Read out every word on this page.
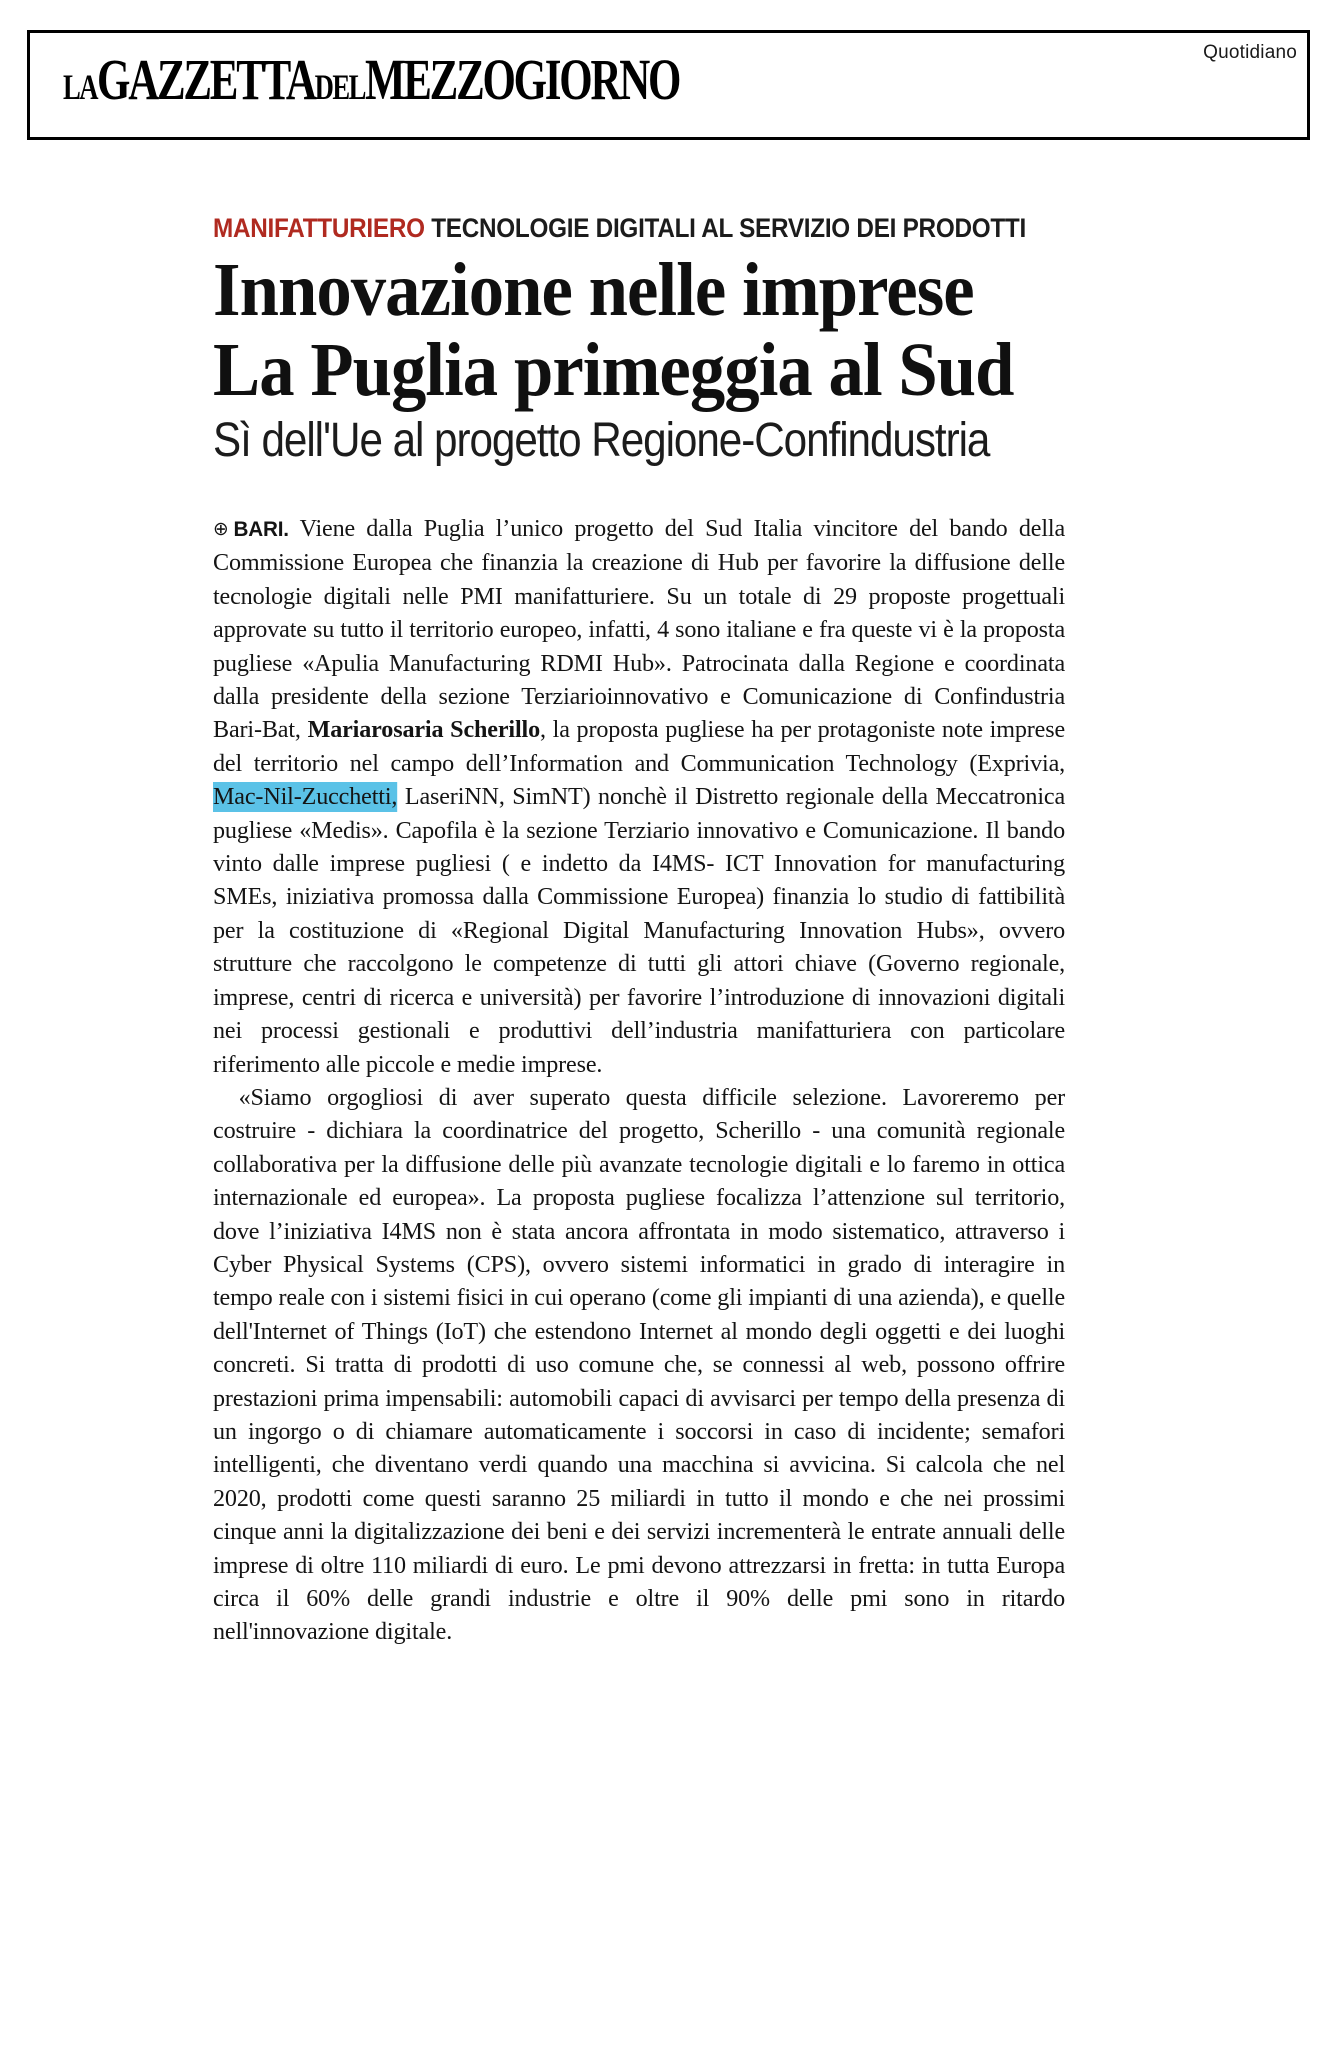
Quotidiano
LAGAZZETTADELMEZZOGIORNO
MANIFATTURIERO TECNOLOGIE DIGITALI AL SERVIZIO DEI PRODOTTI
Innovazione nelle imprese
La Puglia primeggia al Sud
Sì dell'Ue al progetto Regione-Confindustria

⊕ BARI. Viene dalla Puglia l’unico progetto del Sud Italia vincitore del bando della Commissione Europea che finanzia la creazione di Hub per favorire la diffusione delle tecnologie digitali nelle PMI manifatturiere. Su un totale di 29 proposte progettuali approvate su tutto il territorio europeo, infatti, 4 sono italiane e fra queste vi è la proposta pugliese «Apulia Manufacturing RDMI Hub». Patrocinata dalla Regione e coordinata dalla presidente della sezione Terziarioinnovativo e Comunicazione di Confindustria Bari-Bat, Mariarosaria Scherillo, la proposta pugliese ha per protagoniste note imprese del territorio nel campo dell’Information and Communication Technology (Exprivia, Mac-Nil-Zucchetti, LaseriNN, SimNT) nonchè il Distretto regionale della Meccatronica pugliese «Medis». Capofila è la sezione Terziario innovativo e Comunicazione. Il bando vinto dalle imprese pugliesi ( e indetto da I4MS- ICT Innovation for manufacturing SMEs, iniziativa promossa dalla Commissione Europea) finanzia lo studio di fattibilità per la costituzione di «Regional Digital Manufacturing Innovation Hubs», ovvero strutture che raccolgono le competenze di tutti gli attori chiave (Governo regionale, imprese, centri di ricerca e università) per favorire l’introduzione di innovazioni digitali nei processi gestionali e produttivi dell’industria manifatturiera con particolare riferimento alle piccole e medie imprese.

«Siamo orgogliosi di aver superato questa difficile selezione. Lavoreremo per costruire - dichiara la coordinatrice del progetto, Scherillo - una comunità regionale collaborativa per la diffusione delle più avanzate tecnologie digitali e lo faremo in ottica internazionale ed europea». La proposta pugliese focalizza l’attenzione sul territorio, dove l’iniziativa I4MS non è stata ancora affrontata in modo sistematico, attraverso i Cyber Physical Systems (CPS), ovvero sistemi informatici in grado di interagire in tempo reale con i sistemi fisici in cui operano (come gli impianti di una azienda), e quelle dell'Internet of Things (IoT) che estendono Internet al mondo degli oggetti e dei luoghi concreti. Si tratta di prodotti di uso comune che, se connessi al web, possono offrire prestazioni prima impensabili: automobili capaci di avvisarci per tempo della presenza di un ingorgo o di chiamare automaticamente i soccorsi in caso di incidente; semafori intelligenti, che diventano verdi quando una macchina si avvicina. Si calcola che nel 2020, prodotti come questi saranno 25 miliardi in tutto il mondo e che nei prossimi cinque anni la digitalizzazione dei beni e dei servizi incrementerà le entrate annuali delle imprese di oltre 110 miliardi di euro. Le pmi devono attrezzarsi in fretta: in tutta Europa circa il 60% delle grandi industrie e oltre il 90% delle pmi sono in ritardo nell'innovazione digitale.
